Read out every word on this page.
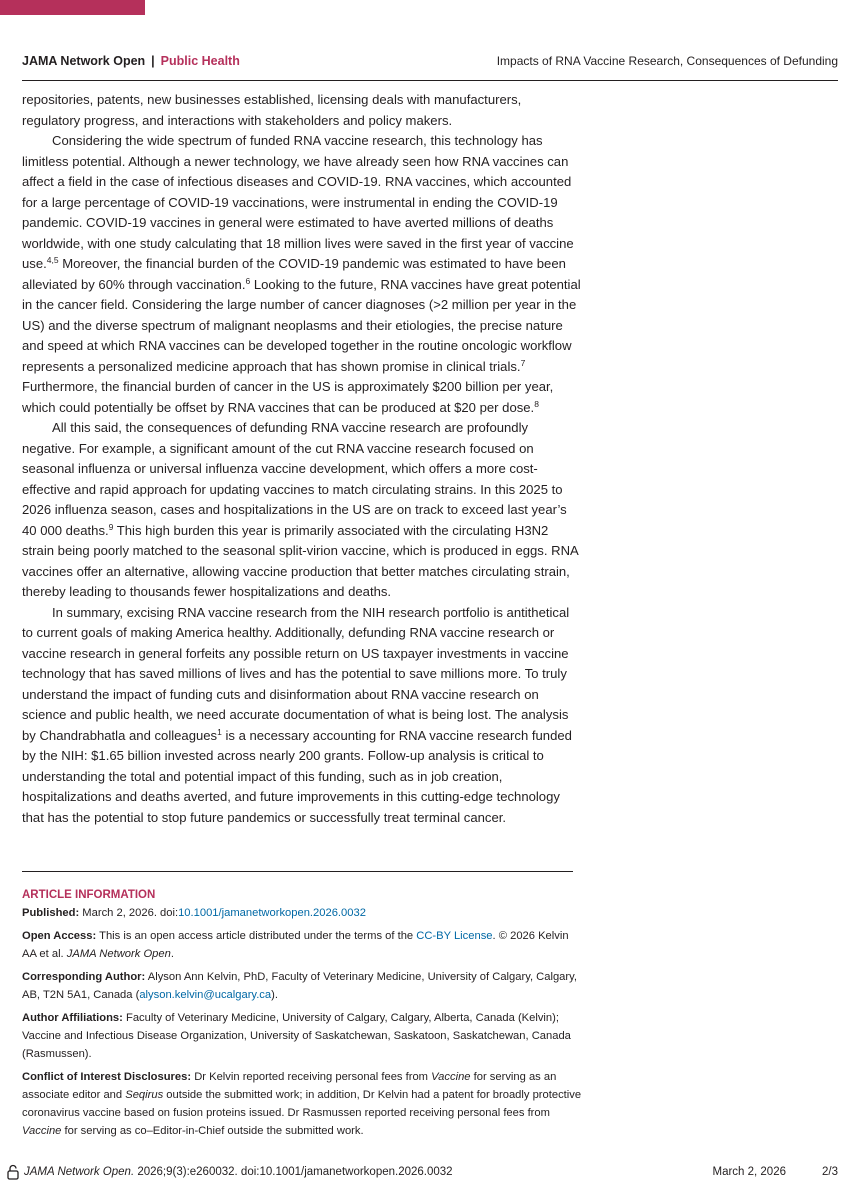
JAMA Network Open | Public Health	Impacts of RNA Vaccine Research, Consequences of Defunding

repositories, patents, new businesses established, licensing deals with manufacturers, regulatory progress, and interactions with stakeholders and policy makers.

Considering the wide spectrum of funded RNA vaccine research, this technology has limitless potential. Although a newer technology, we have already seen how RNA vaccines can affect a field in the case of infectious diseases and COVID-19. RNA vaccines, which accounted for a large percentage of COVID-19 vaccinations, were instrumental in ending the COVID-19 pandemic. COVID-19 vaccines in general were estimated to have averted millions of deaths worldwide, with one study calculating that 18 million lives were saved in the first year of vaccine use.$^{4,5}$ Moreover, the financial burden of the COVID-19 pandemic was estimated to have been alleviated by 60% through vaccination.$^6$ Looking to the future, RNA vaccines have great potential in the cancer field. Considering the large number of cancer diagnoses (>2 million per year in the US) and the diverse spectrum of malignant neoplasms and their etiologies, the precise nature and speed at which RNA vaccines can be developed together in the routine oncologic workflow represents a personalized medicine approach that has shown promise in clinical trials.$^7$ Furthermore, the financial burden of cancer in the US is approximately $200 billion per year, which could potentially be offset by RNA vaccines that can be produced at $20 per dose.$^8$

All this said, the consequences of defunding RNA vaccine research are profoundly negative. For example, a significant amount of the cut RNA vaccine research focused on seasonal influenza or universal influenza vaccine development, which offers a more cost-effective and rapid approach for updating vaccines to match circulating strains. In this 2025 to 2026 influenza season, cases and hospitalizations in the US are on track to exceed last year’s 40 000 deaths.$^9$ This high burden this year is primarily associated with the circulating H3N2 strain being poorly matched to the seasonal split-virion vaccine, which is produced in eggs. RNA vaccines offer an alternative, allowing vaccine production that better matches circulating strain, thereby leading to thousands fewer hospitalizations and deaths.

In summary, excising RNA vaccine research from the NIH research portfolio is antithetical to current goals of making America healthy. Additionally, defunding RNA vaccine research or vaccine research in general forfeits any possible return on US taxpayer investments in vaccine technology that has saved millions of lives and has the potential to save millions more. To truly understand the impact of funding cuts and disinformation about RNA vaccine research on science and public health, we need accurate documentation of what is being lost. The analysis by Chandrabhatla and colleagues$^1$ is a necessary accounting for RNA vaccine research funded by the NIH: $1.65 billion invested across nearly 200 grants. Follow-up analysis is critical to understanding the total and potential impact of this funding, such as in job creation, hospitalizations and deaths averted, and future improvements in this cutting-edge technology that has the potential to stop future pandemics or successfully treat terminal cancer.

ARTICLE INFORMATION

Published: March 2, 2026. doi:10.1001/jamanetworkopen.2026.0032

Open Access: This is an open access article distributed under the terms of the CC-BY License. © 2026 Kelvin AA et al. JAMA Network Open.

Corresponding Author: Alyson Ann Kelvin, PhD, Faculty of Veterinary Medicine, University of Calgary, Calgary, AB, T2N 5A1, Canada (alyson.kelvin@ucalgary.ca).

Author Affiliations: Faculty of Veterinary Medicine, University of Calgary, Calgary, Alberta, Canada (Kelvin); Vaccine and Infectious Disease Organization, University of Saskatchewan, Saskatoon, Saskatchewan, Canada (Rasmussen).

Conflict of Interest Disclosures: Dr Kelvin reported receiving personal fees from Vaccine for serving as an associate editor and Seqirus outside the submitted work; in addition, Dr Kelvin had a patent for broadly protective coronavirus vaccine based on fusion proteins issued. Dr Rasmussen reported receiving personal fees from Vaccine for serving as co–Editor-in-Chief outside the submitted work.

JAMA Network Open. 2026;9(3):e260032. doi:10.1001/jamanetworkopen.2026.0032	March 2, 2026	2/3
